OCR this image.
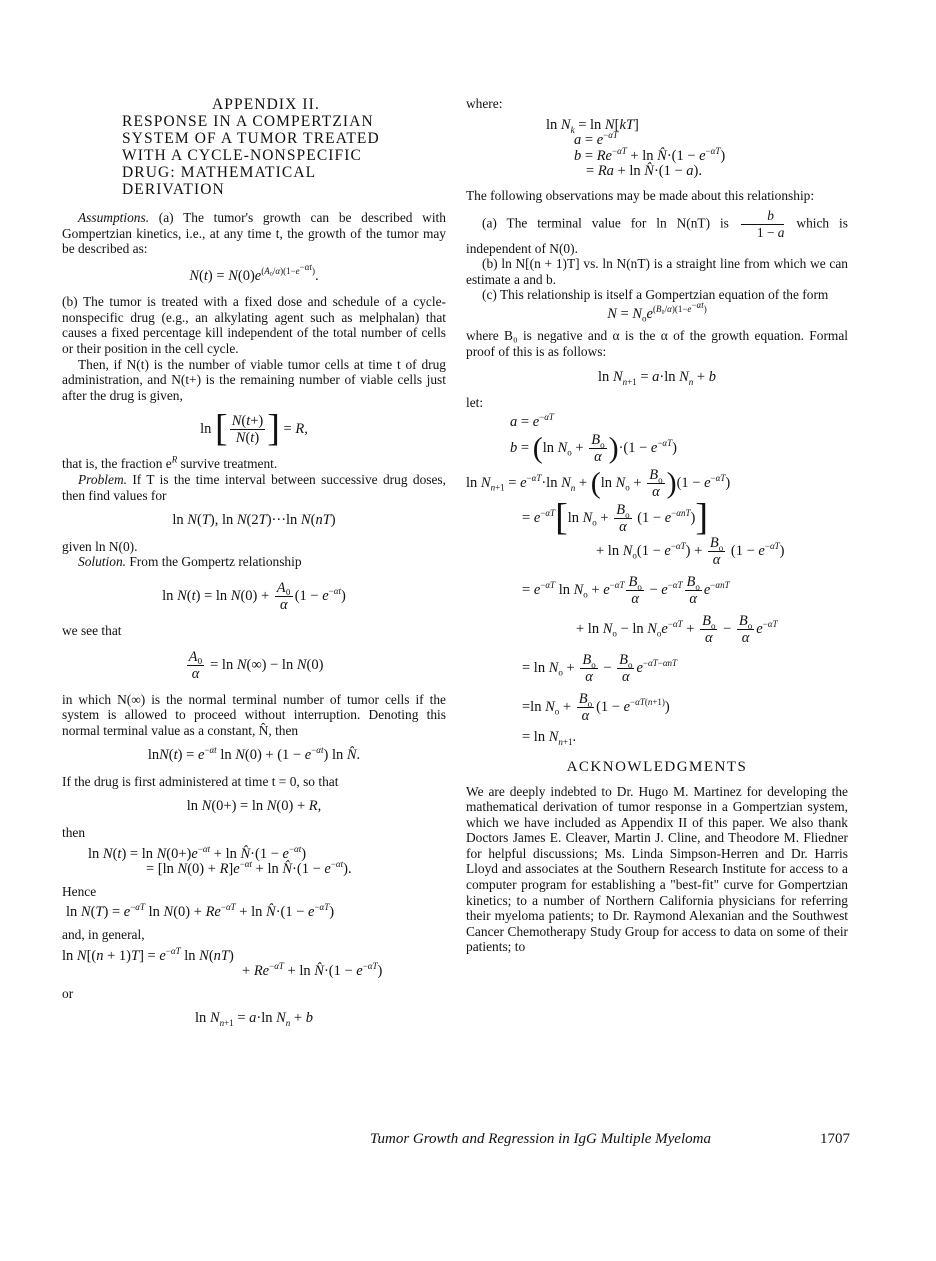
APPENDIX II.
RESPONSE IN A COMPERTZIAN
SYSTEM OF A TUMOR TREATED
WITH A CYCLE-NONSPECIFIC
DRUG: MATHEMATICAL
DERIVATION

Assumptions. (a) The tumor's growth can be described with Gompertzian kinetics, i.e., at any time t, the growth of the tumor may be described as:

$N(t) = N(0)e^{(A_0/\alpha)(1-e^{-\alpha t})}$.

(b) The tumor is treated with a fixed dose and schedule of a cycle-nonspecific drug (e.g., an alkylating agent such as melphalan) that causes a fixed percentage kill independent of the total number of cells or their position in the cell cycle.

Then, if N(t) is the number of viable tumor cells at time t of drug administration, and N(t+) is the remaining number of viable cells just after the drug is given,

ln [ $\frac{N(t+)}{N(t)}$ ] = R,

that is, the fraction $e^R$ survive treatment.

Problem. If T is the time interval between successive drug doses, then find values for

ln N(T), ln N(2T)···ln N(nT)

given ln N(0).

Solution. From the Gompertz relationship

$\ln N(t) = \ln N(0) + \frac{\text{A₀}}{\alpha} (1 - e^{-\alpha t})$

we see that

$\frac{\text{A₀}}{\alpha} = \ln N(\infty) - \ln N(0)$

in which N(∞) is the normal terminal number of tumor cells if the system is allowed to proceed without interruption. Denoting this normal terminal value as a constant, N̂, then

$\ln N(t) = e^{-\alpha t}$ $\ln N(0) + (1 - e^{-\alpha t})$ ln N̂.

If the drug is first administered at time t = 0, so that

ln N(0+) = ln N(0) + R,

then

$\ln N(t) = \ln N(0+)e^{-\alpha t} + \ln$ N̂·(1 − $e^{-\alpha t}$)
= [ln $N(0) + R]e^{-\alpha t} + \ln$ N̂·(1 − $e^{-\alpha t}$).

Hence

$\ln N(T) = e^{-\alpha T}$ $\ln N(0) + Re^{-\alpha T} + \ln$ N̂·(1 − $e^{-\alpha T}$)

and, in general,

$\ln N[(n + 1)T] = e^{-\alpha T}$ ln N(nT)
+ $Re^{-\alpha T} + \ln$ N̂·(1 − $e^{-\alpha T}$)

or

$\ln N_{n+1} = a\cdot\ln$ $N_n + b$

where:

$\ln N_k = \ln N[kT]$
$a = e^{-\alpha T}$
$b = Re^{-\alpha T} + \ln$ N̂·(1 − $e^{-\alpha T}$)
= Ra + ln N̂·(1 − a).

The following observations may be made about this relationship:

(a) The terminal value for ln N(nT) is $\frac{b}{1 - a}$ which is independent of N(0).

(b) ln N[(n + 1)T] vs. ln N(nT) is a straight line from which we can estimate a and b.

(c) This relationship is itself a Gompertzian equation of the form

$N = N_oe^{(B_0/\alpha)(1-e^{-\alpha t})}$

where B₀ is negative and α is the α of the growth equation. Formal proof of this is as follows:

$\ln N_{n+1} = a\cdot\ln$ $N_n + b$

let:

$a = e^{-\alpha T}$
b = (ln $N_o + \frac{B_o}{\alpha} )\cdot(1 - e^{-\alpha T})$
$\ln N_{n+1} = e^{-\alpha T}\cdot\ln$ $N_n + (\ln$ $N_o + \frac{B_o}{\alpha} )(1 - e^{-\alpha T})$
= $e^{-\alpha T}[\ln$ $N_o + \frac{B_o}{\alpha} (1 - e^{-\alpha nT})$]
+ $\ln N_o(1 - e^{-\alpha T}) + \frac{B_o}{\alpha} (1 - e^{-\alpha T})$
= $e^{-\alpha T}$ $\ln N_o + e^{-\alpha T} \frac{B_o}{\alpha} - e^{-\alpha T} \frac{B_o}{\alpha} e^{-\alpha nT}$
+ $\ln N_o - \ln N_oe^{-\alpha T} + \frac{B_o}{\alpha} - \frac{B_o}{\alpha} e^{-\alpha T}$
= $\ln N_o + \frac{B_o}{\alpha} - \frac{B_o}{\alpha} e^{-\alpha T-\alpha nT}$
=ln $N_o + \frac{B_o}{\alpha} (1 - e^{-\alpha T(n+1)})$
= $\ln N_{n+1}$.
ACKNOWLEDGMENTS

We are deeply indebted to Dr. Hugo M. Martinez for developing the mathematical derivation of tumor response in a Gompertzian system, which we have included as Appendix II of this paper. We also thank Doctors James E. Cleaver, Martin J. Cline, and Theodore M. Fliedner for helpful discussions; Ms. Linda Simpson-Herren and Dr. Harris Lloyd and associates at the Southern Research Institute for access to a computer program for establishing a "best-fit" curve for Gompertzian kinetics; to a number of Northern California physicians for referring their myeloma patients; to Dr. Raymond Alexanian and the Southwest Cancer Chemotherapy Study Group for access to data on some of their patients; to

Tumor Growth and Regression in IgG Multiple Myeloma	1707
